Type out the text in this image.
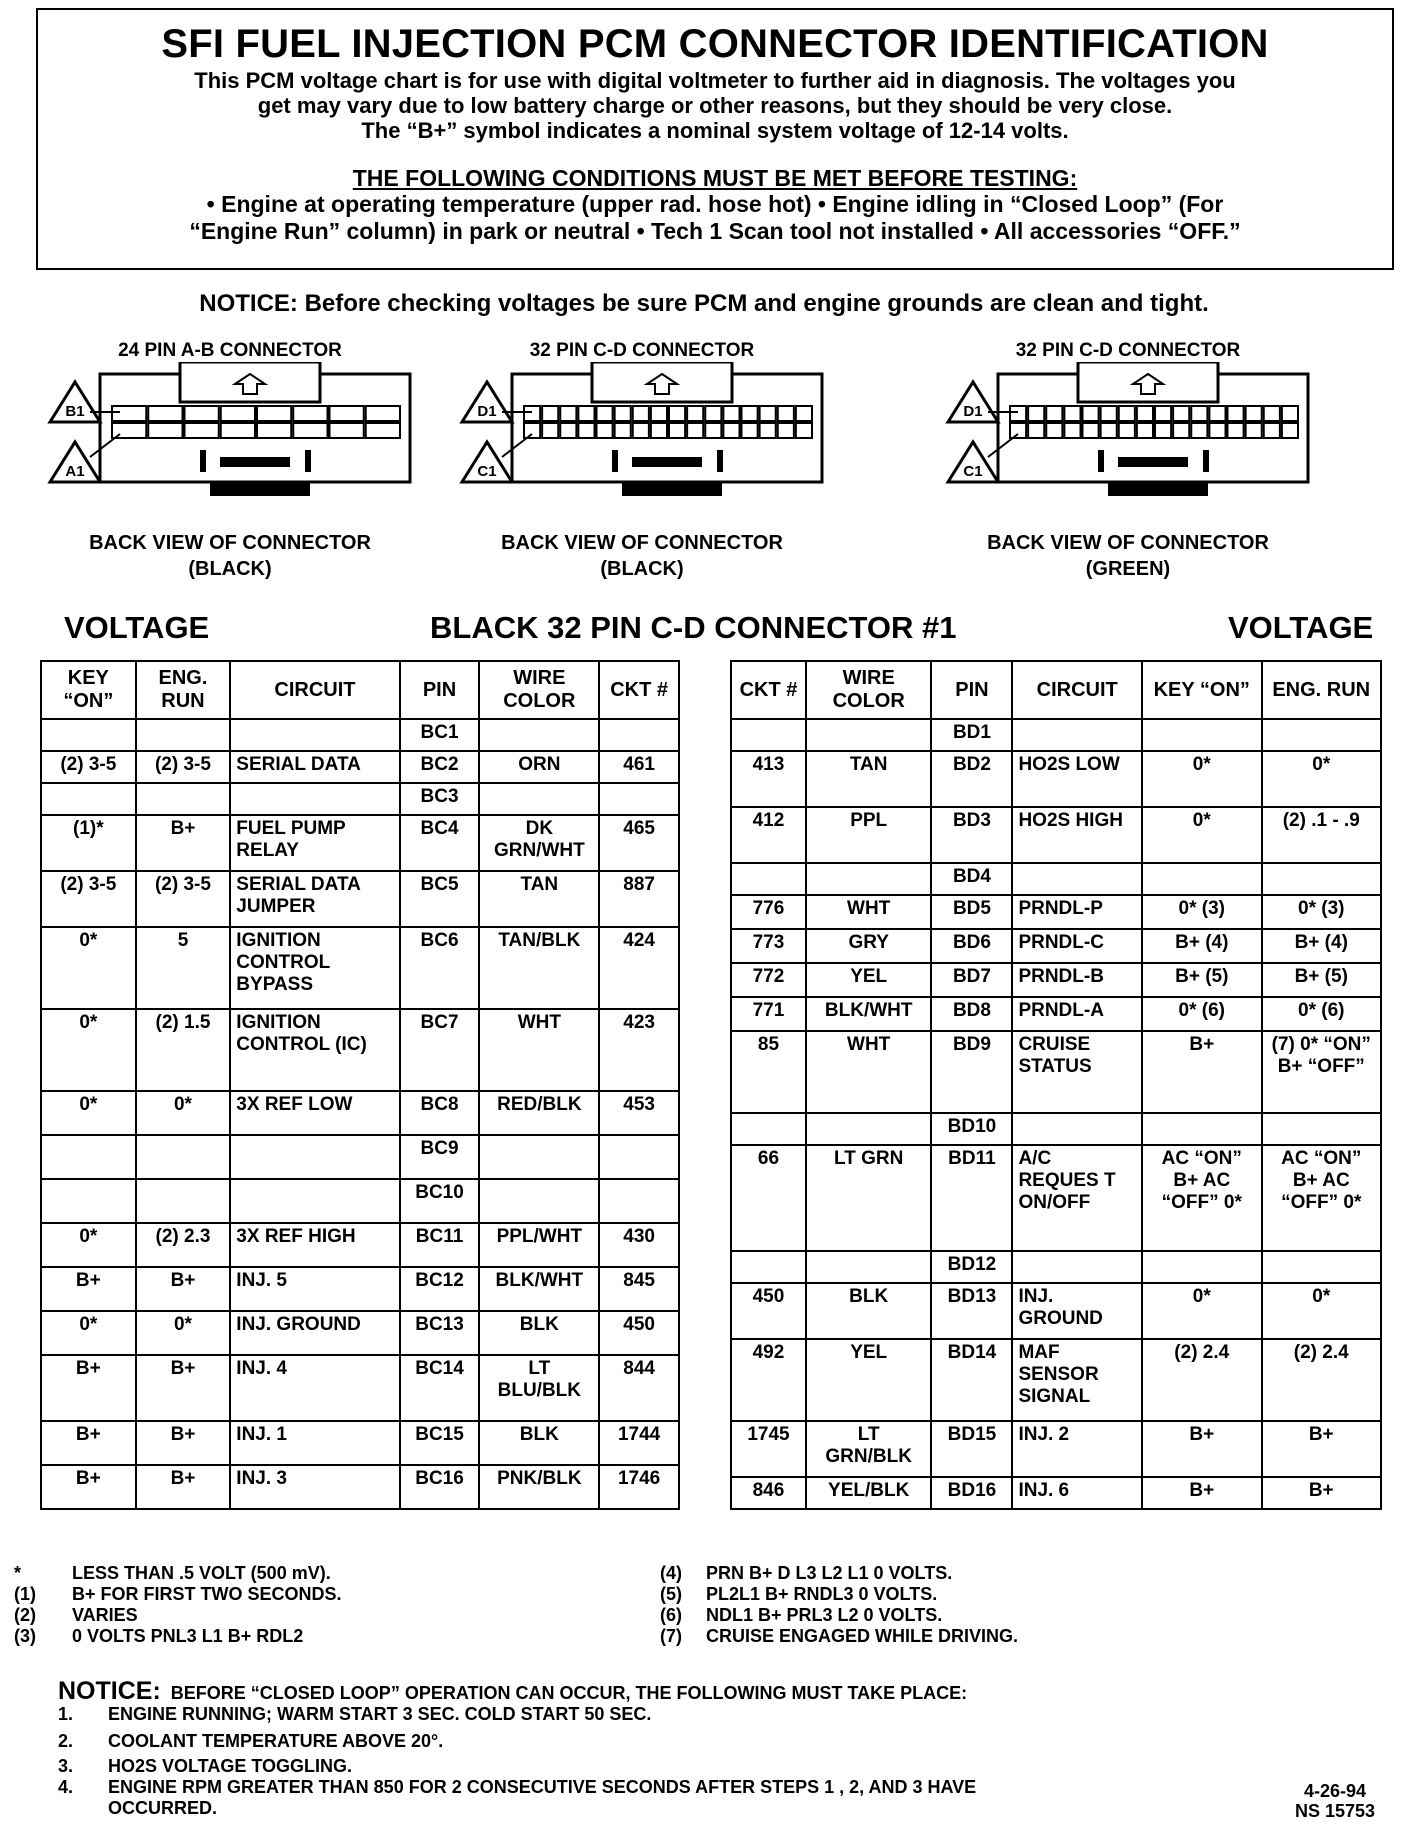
SFI FUEL INJECTION PCM CONNECTOR IDENTIFICATION
This PCM voltage chart is for use with digital voltmeter to further aid in diagnosis. The voltages you
get may vary due to low battery charge or other reasons, but they should be very close.
The “B+” symbol indicates a nominal system voltage of 12-14 volts.
THE FOLLOWING CONDITIONS MUST BE MET BEFORE TESTING:
• Engine at operating temperature (upper rad. hose hot) • Engine idling in “Closed Loop” (For
“Engine Run” column) in park or neutral • Tech 1 Scan tool not installed • All accessories “OFF.”
NOTICE: Before checking voltages be sure PCM and engine grounds are clean and tight.
24 PIN A-B CONNECTOR
B1
A1
BACK VIEW OF CONNECTOR
(BLACK)
32 PIN C-D CONNECTOR
D1
C1
BACK VIEW OF CONNECTOR
(BLACK)
32 PIN C-D CONNECTOR
D1
C1
BACK VIEW OF CONNECTOR
(GREEN)
VOLTAGE	BLACK 32 PIN C-D CONNECTOR #1	VOLTAGE
KEY “ON”	ENG. RUN	CIRCUIT	PIN	WIRE COLOR	CKT #
			BC1		
(2) 3-5	(2) 3-5	SERIAL DATA	BC2	ORN	461
			BC3		
(1)*	B+	FUEL PUMP RELAY	BC4	DK GRN/WHT	465
(2) 3-5	(2) 3-5	SERIAL DATA JUMPER	BC5	TAN	887
0*	5	IGNITION CONTROL BYPASS	BC6	TAN/BLK	424
0*	(2) 1.5	IGNITION CONTROL (IC)	BC7	WHT	423
0*	0*	3X REF LOW	BC8	RED/BLK	453
			BC9		
			BC10		
0*	(2) 2.3	3X REF HIGH	BC11	PPL/WHT	430
B+	B+	INJ. 5	BC12	BLK/WHT	845
0*	0*	INJ. GROUND	BC13	BLK	450
B+	B+	INJ. 4	BC14	LT BLU/BLK	844
B+	B+	INJ. 1	BC15	BLK	1744
B+	B+	INJ. 3	BC16	PNK/BLK	1746
CKT #	WIRE COLOR	PIN	CIRCUIT	KEY “ON”	ENG. RUN
		BD1			
413	TAN	BD2	HO2S LOW	0*	0*
412	PPL	BD3	HO2S HIGH	0*	(2) .1 - .9
		BD4			
776	WHT	BD5	PRNDL-P	0* (3)	0* (3)
773	GRY	BD6	PRNDL-C	B+ (4)	B+ (4)
772	YEL	BD7	PRNDL-B	B+ (5)	B+ (5)
771	BLK/WHT	BD8	PRNDL-A	0* (6)	0* (6)
85	WHT	BD9	CRUISE STATUS	B+	(7) 0* “ON” B+ “OFF”
		BD10			
66	LT GRN	BD11	A/C REQUES T ON/OFF	AC “ON” B+ AC “OFF” 0*	AC “ON” B+ AC “OFF” 0*
		BD12			
450	BLK	BD13	INJ. GROUND	0*	0*
492	YEL	BD14	MAF SENSOR SIGNAL	(2) 2.4	(2) 2.4
1745	LT GRN/BLK	BD15	INJ. 2	B+	B+
846	YEL/BLK	BD16	INJ. 6	B+	B+
*	LESS THAN .5 VOLT (500 mV).
(1) B+ FOR FIRST TWO SECONDS.
(2) VARIES
(3) 0 VOLTS PNL3 L1 B+ RDL2
(4) PRN B+ D L3 L2 L1 0 VOLTS.
(5) PL2L1 B+ RNDL3 0 VOLTS.
(6) NDL1 B+ PRL3 L2 0 VOLTS.
(7) CRUISE ENGAGED WHILE DRIVING.
NOTICE: BEFORE “CLOSED LOOP” OPERATION CAN OCCUR, THE FOLLOWING MUST TAKE PLACE:
1. ENGINE RUNNING; WARM START 3 SEC. COLD START 50 SEC.
2. COOLANT TEMPERATURE ABOVE 20°.
3. HO2S VOLTAGE TOGGLING.
4. ENGINE RPM GREATER THAN 850 FOR 2 CONSECUTIVE SECONDS AFTER STEPS 1 , 2, AND 3 HAVE
OCCURRED.
4-26-94
NS 15753
